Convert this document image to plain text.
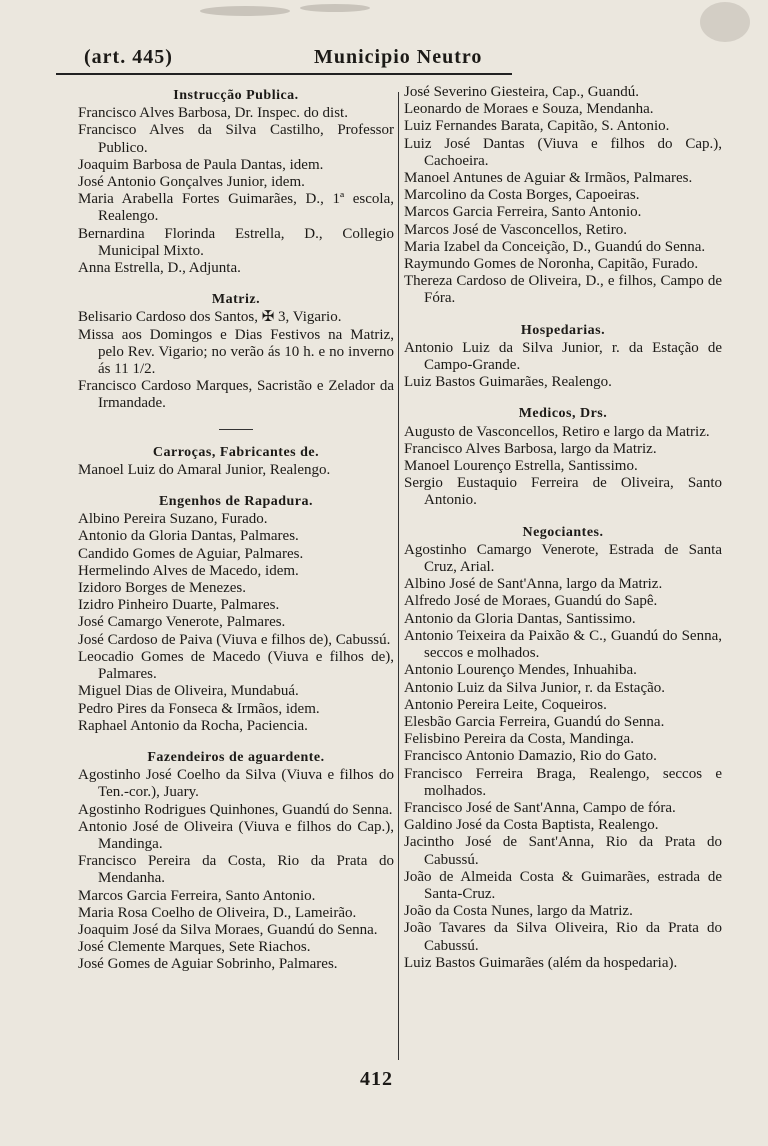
(art. 445)	Municipio Neutro
Instrucção Publica.
Francisco Alves Barbosa, Dr. Inspec. do dist.
Francisco Alves da Silva Castilho, Professor Publico.
Joaquim Barbosa de Paula Dantas, idem.
José Antonio Gonçalves Junior, idem.
Maria Arabella Fortes Guimarães, D., 1ª escola, Realengo.
Bernardina Florinda Estrella, D., Collegio Municipal Mixto.
Anna Estrella, D., Adjunta.
Matriz.
Belisario Cardoso dos Santos, ✠ 3, Vigario.
Missa aos Domingos e Dias Festivos na Matriz, pelo Rev. Vigario; no verão ás 10 h. e no inverno ás 11 1/2.
Francisco Cardoso Marques, Sacristão e Zelador da Irmandade.
Carroças, Fabricantes de.
Manoel Luiz do Amaral Junior, Realengo.
Engenhos de Rapadura.
Albino Pereira Suzano, Furado.
Antonio da Gloria Dantas, Palmares.
Candido Gomes de Aguiar, Palmares.
Hermelindo Alves de Macedo, idem.
Izidoro Borges de Menezes.
Izidro Pinheiro Duarte, Palmares.
José Camargo Venerote, Palmares.
José Cardoso de Paiva (Viuva e filhos de), Cabussú.
Leocadio Gomes de Macedo (Viuva e filhos de), Palmares.
Miguel Dias de Oliveira, Mundabuá.
Pedro Pires da Fonseca & Irmãos, idem.
Raphael Antonio da Rocha, Paciencia.
Fazendeiros de aguardente.
Agostinho José Coelho da Silva (Viuva e filhos do Ten.-cor.), Juary.
Agostinho Rodrigues Quinhones, Guandú do Senna.
Antonio José de Oliveira (Viuva e filhos do Cap.), Mandinga.
Francisco Pereira da Costa, Rio da Prata do Mendanha.
Marcos Garcia Ferreira, Santo Antonio.
Maria Rosa Coelho de Oliveira, D., Lameirão.
Joaquim José da Silva Moraes, Guandú do Senna.
José Clemente Marques, Sete Riachos.
José Gomes de Aguiar Sobrinho, Palmares.
José Severino Giesteira, Cap., Guandú.
Leonardo de Moraes e Souza, Mendanha.
Luiz Fernandes Barata, Capitão, S. Antonio.
Luiz José Dantas (Viuva e filhos do Cap.), Cachoeira.
Manoel Antunes de Aguiar & Irmãos, Palmares.
Marcolino da Costa Borges, Capoeiras.
Marcos Garcia Ferreira, Santo Antonio.
Marcos José de Vasconcellos, Retiro.
Maria Izabel da Conceição, D., Guandú do Senna.
Raymundo Gomes de Noronha, Capitão, Furado.
Thereza Cardoso de Oliveira, D., e filhos, Campo de Fóra.
Hospedarias.
Antonio Luiz da Silva Junior, r. da Estação de Campo-Grande.
Luiz Bastos Guimarães, Realengo.
Medicos, Drs.
Augusto de Vasconcellos, Retiro e largo da Matriz.
Francisco Alves Barbosa, largo da Matriz.
Manoel Lourenço Estrella, Santissimo.
Sergio Eustaquio Ferreira de Oliveira, Santo Antonio.
Negociantes.
Agostinho Camargo Venerote, Estrada de Santa Cruz, Arial.
Albino José de Sant'Anna, largo da Matriz.
Alfredo José de Moraes, Guandú do Sapê.
Antonio da Gloria Dantas, Santissimo.
Antonio Teixeira da Paixão & C., Guandú do Senna, seccos e molhados.
Antonio Lourenço Mendes, Inhuahiba.
Antonio Luiz da Silva Junior, r. da Estação.
Antonio Pereira Leite, Coqueiros.
Elesbão Garcia Ferreira, Guandú do Senna.
Felisbino Pereira da Costa, Mandinga.
Francisco Antonio Damazio, Rio do Gato.
Francisco Ferreira Braga, Realengo, seccos e molhados.
Francisco José de Sant'Anna, Campo de fóra.
Galdino José da Costa Baptista, Realengo.
Jacintho José de Sant'Anna, Rio da Prata do Cabussú.
João de Almeida Costa & Guimarães, estrada de Santa-Cruz.
João da Costa Nunes, largo da Matriz.
João Tavares da Silva Oliveira, Rio da Prata do Cabussú.
Luiz Bastos Guimarães (além da hospedaria).
412
